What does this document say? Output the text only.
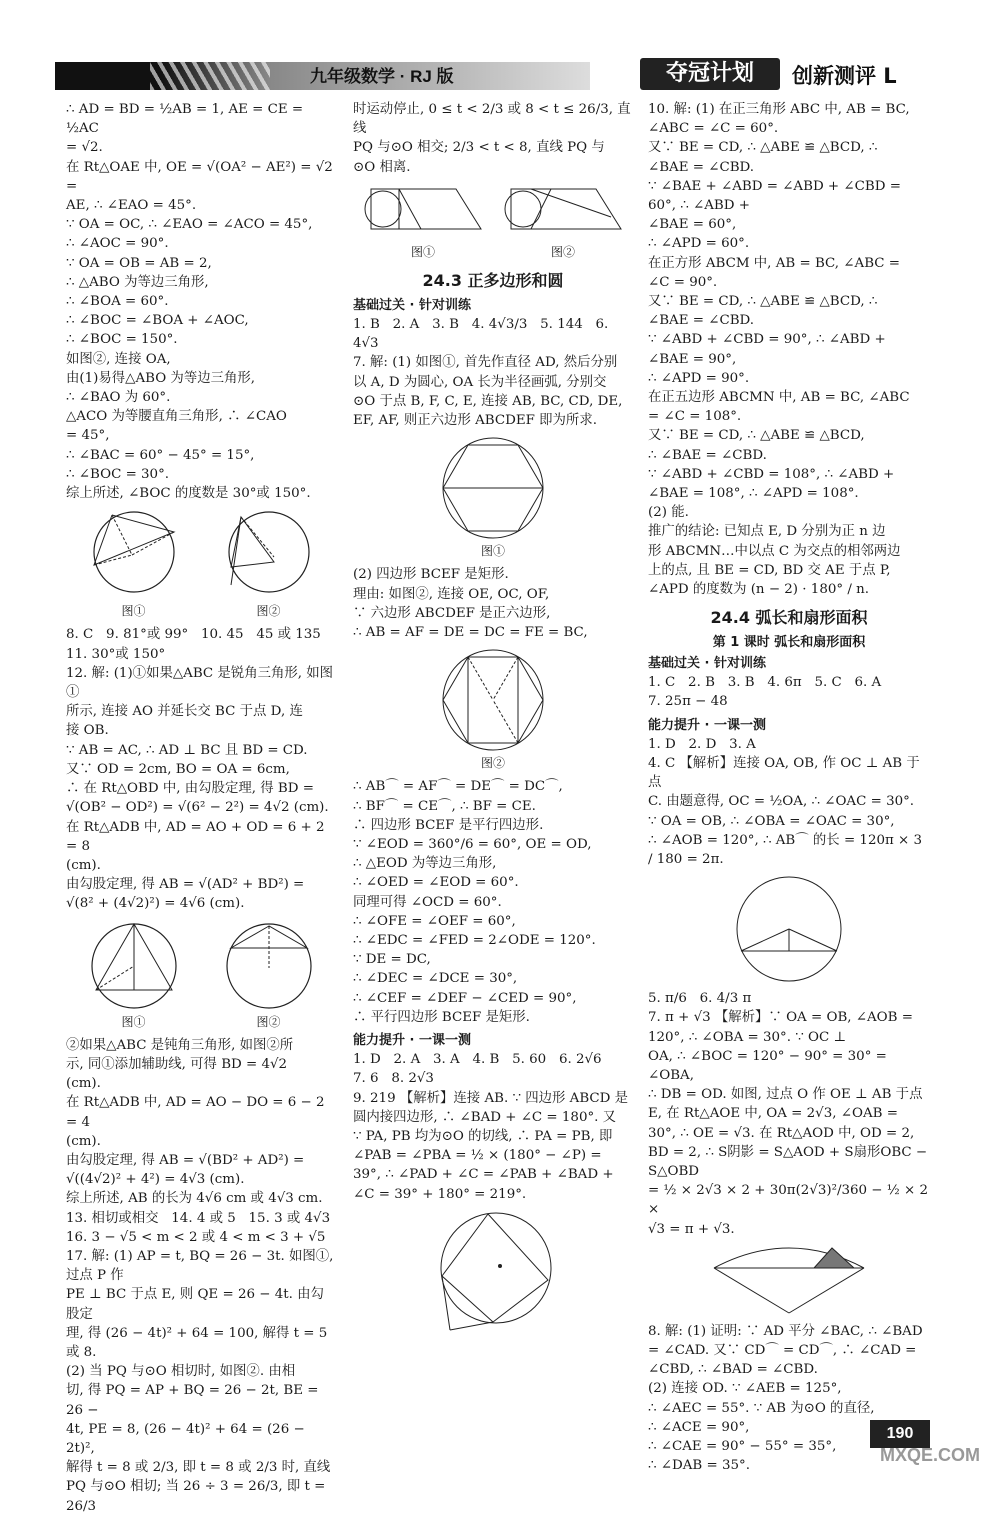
九年级数学 · RJ 版	夺冠计划	创新测评 L

∴ AD = BD = ½AB = 1, AE = CE = ½AC

= √2.

在 Rt△OAE 中, OE = √(OA² − AE²) = √2 =

AE, ∴ ∠EAO = 45°.

∵ OA = OC, ∴ ∠EAO = ∠ACO = 45°,

∴ ∠AOC = 90°.

∵ OA = OB = AB = 2,

∴ △ABO 为等边三角形,

∴ ∠BOA = 60°.

∴ ∠BOC = ∠BOA + ∠AOC,

∴ ∠BOC = 150°.

如图②, 连接 OA,

由(1)易得△ABO 为等边三角形,

∴ ∠BAO 为 60°.

△ACO 为等腰直角三角形, ∴ ∠CAO

= 45°,

∴ ∠BAC = 60° − 45° = 15°,

∴ ∠BOC = 30°.

综上所述, ∠BOC 的度数是 30°或 150°.

图①	图②

8. C   9. 81°或 99°   10. 45   45 或 135

11. 30°或 150°

12. 解: (1)①如果△ABC 是锐角三角形, 如图①

所示, 连接 AO 并延长交 BC 于点 D, 连

接 OB.

∵ AB = AC, ∴ AD ⊥ BC 且 BD = CD.

又∵ OD = 2cm, BO = OA = 6cm,

∴ 在 Rt△OBD 中, 由勾股定理, 得 BD =

√(OB² − OD²) = √(6² − 2²) = 4√2 (cm).

在 Rt△ADB 中, AD = AO + OD = 6 + 2 = 8

(cm).

由勾股定理, 得 AB = √(AD² + BD²) =

√(8² + (4√2)²) = 4√6 (cm).

图①	图②

②如果△ABC 是钝角三角形, 如图②所

示, 同①添加辅助线, 可得 BD = 4√2

(cm).

在 Rt△ADB 中, AD = AO − DO = 6 − 2 = 4

(cm).

由勾股定理, 得 AB = √(BD² + AD²) =

√((4√2)² + 4²) = 4√3 (cm).

综上所述, AB 的长为 4√6 cm 或 4√3 cm.

13. 相切或相交   14. 4 或 5   15. 3 或 4√3

16. 3 − √5 < m < 2 或 4 < m < 3 + √5

17. 解: (1) AP = t, BQ = 26 − 3t. 如图①, 过点 P 作

PE ⊥ BC 于点 E, 则 QE = 26 − 4t. 由勾股定

理, 得 (26 − 4t)² + 64 = 100, 解得 t = 5

或 8.

(2) 当 PQ 与⊙O 相切时, 如图②. 由相

切, 得 PQ = AP + BQ = 26 − 2t, BE = 26 −

4t, PE = 8, (26 − 4t)² + 64 = (26 − 2t)²,

解得 t = 8 或 2/3, 即 t = 8 或 2/3 时, 直线

PQ 与⊙O 相切; 当 26 ÷ 3 = 26/3, 即 t = 26/3

时运动停止, 0 ≤ t < 2/3 或 8 < t ≤ 26/3, 直线

PQ 与⊙O 相交; 2/3 < t < 8, 直线 PQ 与

⊙O 相离.

图①	图②
24.3 正多边形和圆
基础过关 · 针对训练

1. B   2. A   3. B   4. 4√3/3   5. 144   6. 4√3

7. 解: (1) 如图①, 首先作直径 AD, 然后分别

以 A, D 为圆心, OA 长为半径画弧, 分别交

⊙O 于点 B, F, C, E, 连接 AB, BC, CD, DE,

EF, AF, 则正六边形 ABCDEF 即为所求.

图①

(2) 四边形 BCEF 是矩形.

理由: 如图②, 连接 OE, OC, OF,

∵ 六边形 ABCDEF 是正六边形,

∴ AB = AF = DE = DC = FE = BC,

图②

∴ AB⌒ = AF⌒ = DE⌒ = DC⌒,

∴ BF⌒ = CE⌒, ∴ BF = CE.

∴ 四边形 BCEF 是平行四边形.

∵ ∠EOD = 360°/6 = 60°, OE = OD,

∴ △EOD 为等边三角形,

∴ ∠OED = ∠EOD = 60°.

同理可得 ∠OCD = 60°.

∴ ∠OFE = ∠OEF = 60°,

∴ ∠EDC = ∠FED = 2∠ODE = 120°.

∵ DE = DC,

∴ ∠DEC = ∠DCE = 30°,

∴ ∠CEF = ∠DEF − ∠CED = 90°,

∴ 平行四边形 BCEF 是矩形.

能力提升 · 一课一测

1. D   2. A   3. A   4. B   5. 60   6. 2√6

7. 6   8. 2√3

9. 219 【解析】连接 AB. ∵ 四边形 ABCD 是

圆内接四边形, ∴ ∠BAD + ∠C = 180°. 又

∵ PA, PB 均为⊙O 的切线, ∴ PA = PB, 即

∠PAB = ∠PBA = ½ × (180° − ∠P) =

39°, ∴ ∠PAD + ∠C = ∠PAB + ∠BAD +

∠C = 39° + 180° = 219°.

10. 解: (1) 在正三角形 ABC 中, AB = BC,

∠ABC = ∠C = 60°.

又∵ BE = CD, ∴ △ABE ≌ △BCD, ∴

∠BAE = ∠CBD.

∵ ∠BAE + ∠ABD = ∠ABD + ∠CBD = 60°, ∴ ∠ABD +

∠BAE = 60°,

∴ ∠APD = 60°.

在正方形 ABCM 中, AB = BC, ∠ABC =

∠C = 90°.

又∵ BE = CD, ∴ △ABE ≌ △BCD, ∴

∠BAE = ∠CBD.

∵ ∠ABD + ∠CBD = 90°, ∴ ∠ABD +

∠BAE = 90°,

∴ ∠APD = 90°.

在正五边形 ABCMN 中, AB = BC, ∠ABC

= ∠C = 108°.

又∵ BE = CD, ∴ △ABE ≌ △BCD,

∴ ∠BAE = ∠CBD.

∵ ∠ABD + ∠CBD = 108°, ∴ ∠ABD +

∠BAE = 108°, ∴ ∠APD = 108°.

(2) 能.

推广的结论: 已知点 E, D 分别为正 n 边

形 ABCMN…中以点 C 为交点的相邻两边

上的点, 且 BE = CD, BD 交 AE 于点 P,

∠APD 的度数为 (n − 2) · 180° / n.

24.4 弧长和扇形面积
第 1 课时 弧长和扇形面积
基础过关 · 针对训练

1. C   2. B   3. B   4. 6π   5. C   6. A

7. 25π − 48

能力提升 · 一课一测

1. D   2. D   3. A

4. C 【解析】连接 OA, OB, 作 OC ⊥ AB 于点

C. 由题意得, OC = ½OA, ∴ ∠OAC = 30°.

∵ OA = OB, ∴ ∠OBA = ∠OAC = 30°,

∴ ∠AOB = 120°, ∴ AB⌒ 的长 = 120π × 3 / 180 = 2π.

5. π/6   6. 4/3 π

7. π + √3 【解析】∵ OA = OB, ∠AOB =

120°, ∴ ∠OBA = 30°. ∵ OC ⊥

OA, ∴ ∠BOC = 120° − 90° = 30° = ∠OBA,

∴ DB = OD. 如图, 过点 O 作 OE ⊥ AB 于点

E, 在 Rt△AOE 中, OA = 2√3, ∠OAB =

30°, ∴ OE = √3. 在 Rt△AOD 中, OD = 2,

BD = 2, ∴ S阴影 = S△AOD + S扇形OBC − S△OBD

= ½ × 2√3 × 2 + 30π(2√3)²/360 − ½ × 2 ×

√3 = π + √3.

8. 解: (1) 证明: ∵ AD 平分 ∠BAC, ∴ ∠BAD

= ∠CAD. 又∵ CD⌒ = CD⌒, ∴ ∠CAD =

∠CBD, ∴ ∠BAD = ∠CBD.

(2) 连接 OD. ∵ ∠AEB = 125°,

∴ ∠AEC = 55°. ∵ AB 为⊙O 的直径,

∴ ∠ACE = 90°,

∴ ∠CAE = 90° − 55° = 35°,

∴ ∠DAB = 35°.

190
MXQE.COM
